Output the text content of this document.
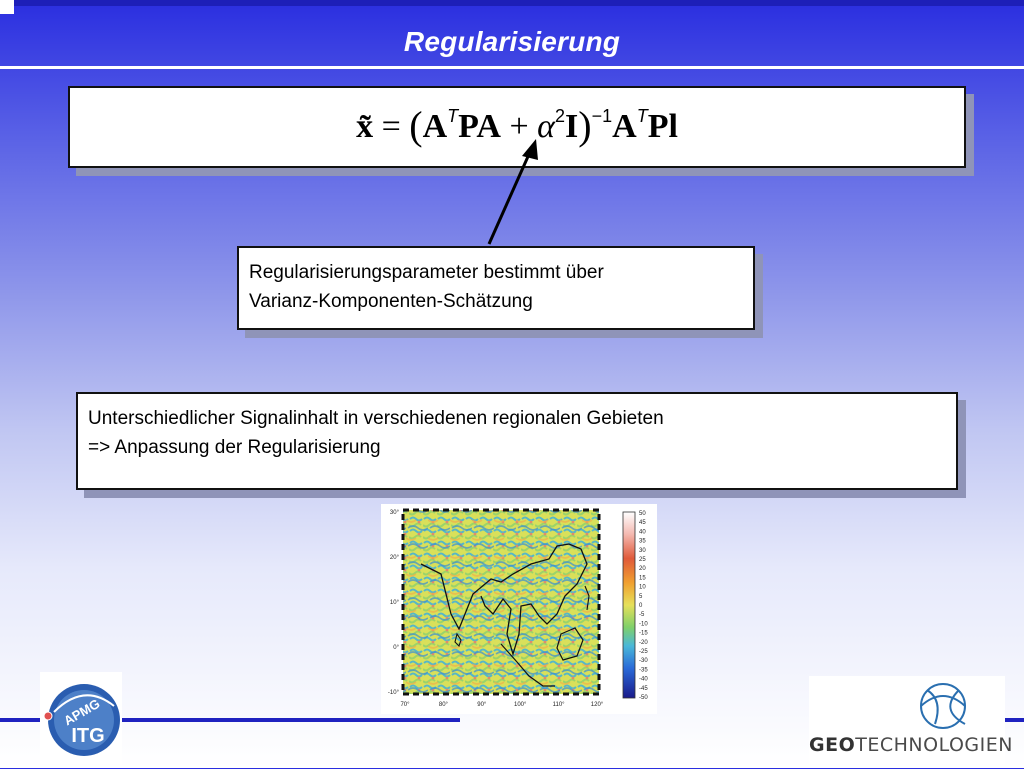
Regularisierung
x̃ = $(A^TPA + \alpha^2I)^{-1}A^TPl$
Regularisierungsparameter bestimmt über
Varianz-Komponenten-Schätzung
Unterschiedlicher Signalinhalt in verschiedenen regionalen Gebieten
=> Anpassung der Regularisierung
30°
20°
10°
0°
-10°
70°	80°	90°	100°	110°	120°
50
45
40
35
30
25
20
15
10
5
0
-5
-10
-15
-20
-25
-30
-35
-40
-45
-50
APMG
ITG	GEOTECHNOLOGIEN
